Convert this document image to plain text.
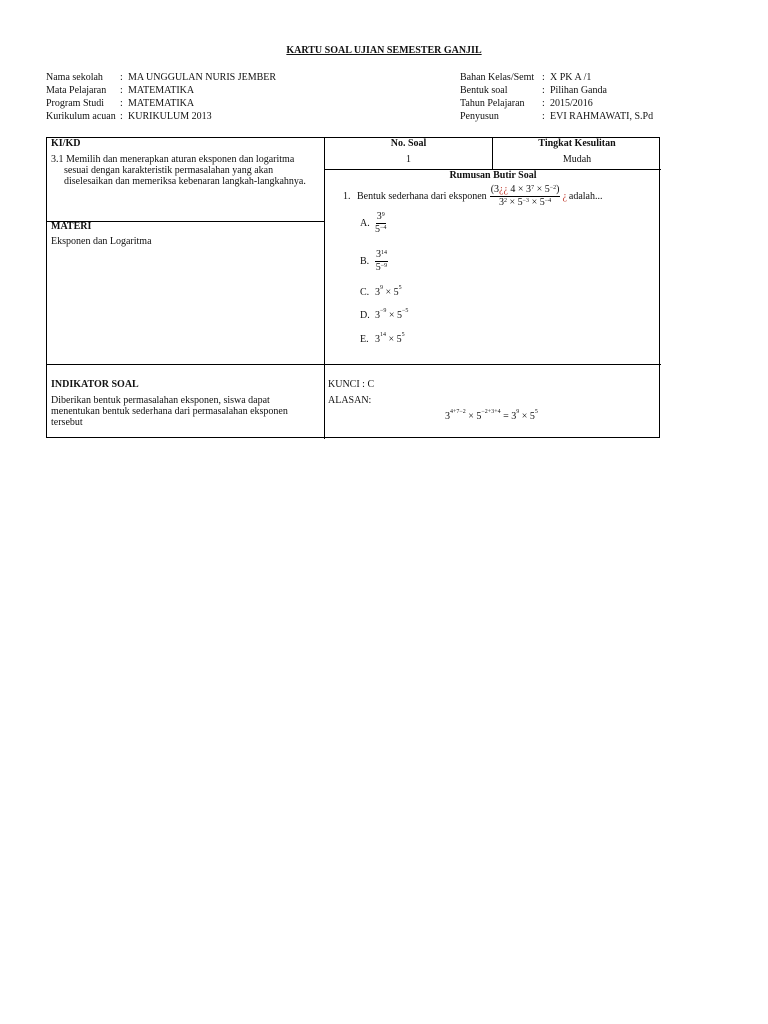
KARTU SOAL UJIAN SEMESTER GANJIL
Nama sekolah	: MA UNGGULAN NURIS JEMBER
Mata Pelajaran	: MATEMATIKA
Program Studi	: MATEMATIKA
Kurikulum acuan : KURIKULUM 2013
Bahan Kelas/Semt : X PK A /1
Bentuk soal	: Pilihan Ganda
Tahun Pelajaran	: 2015/2016
Penyusun	: EVI RAHMAWATI, S.Pd
KI/KD
3.1 Memilih dan menerapkan aturan eksponen dan logaritma sesuai dengan karakteristik permasalahan yang akan diselesaikan dan memeriksa kebenaran langkah-langkahnya.
MATERI
Eksponen dan Logaritma
No. Soal
1
Tingkat Kesulitan
Mudah
Rumusan Butir Soal
1. Bentuk sederhana dari eksponen $\frac{(3¿¿ 4 \times 3^7 \times 5^{-2})}{3^2 \times 5^{-3} \times 5^{-4}}$ ¿ adalah...
A. $\frac{3^9}{5^{-4}}$
B. $\frac{3^{14}}{5^{-9}}$
C. $3^9 \times 5^5$
D. $3^{-9} \times 5^{-5}$
E. $3^{14} \times 5^5$
INDIKATOR SOAL
Diberikan bentuk permasalahan eksponen, siswa dapat menentukan bentuk sederhana dari permasalahan eksponen tersebut
KUNCI : C
ALASAN:
$3^{4+7-2} \times 5^{-2+3+4} = 3^9 \times 5^5$
